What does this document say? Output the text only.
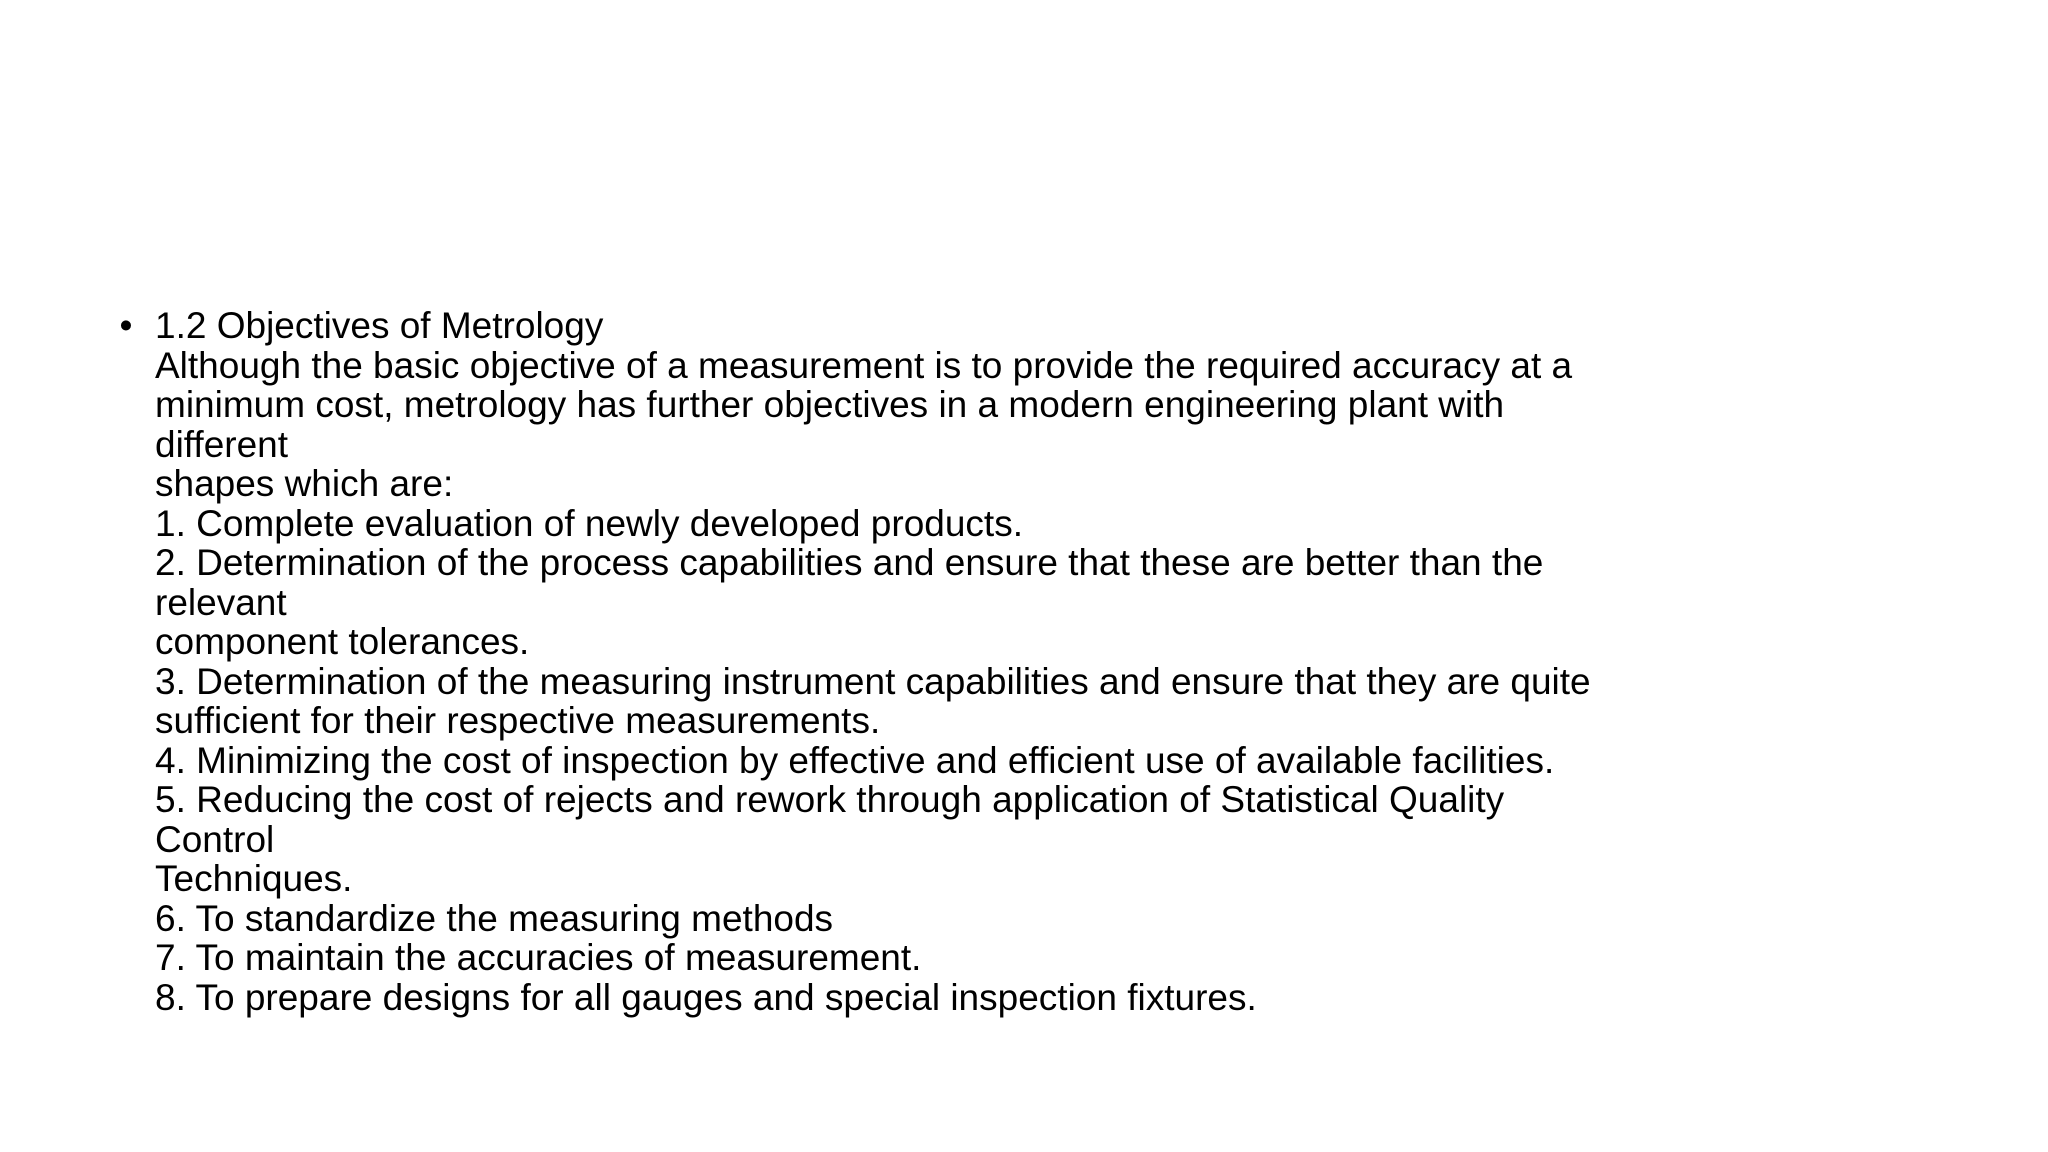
• 1.2 Objectives of Metrology
Although the basic objective of a measurement is to provide the required accuracy at a
minimum cost, metrology has further objectives in a modern engineering plant with
different
shapes which are:
1. Complete evaluation of newly developed products.
2. Determination of the process capabilities and ensure that these are better than the
relevant
component tolerances.
3. Determination of the measuring instrument capabilities and ensure that they are quite
sufficient for their respective measurements.
4. Minimizing the cost of inspection by effective and efficient use of available facilities.
5. Reducing the cost of rejects and rework through application of Statistical Quality
Control
Techniques.
6. To standardize the measuring methods
7. To maintain the accuracies of measurement.
8. To prepare designs for all gauges and special inspection fixtures.
